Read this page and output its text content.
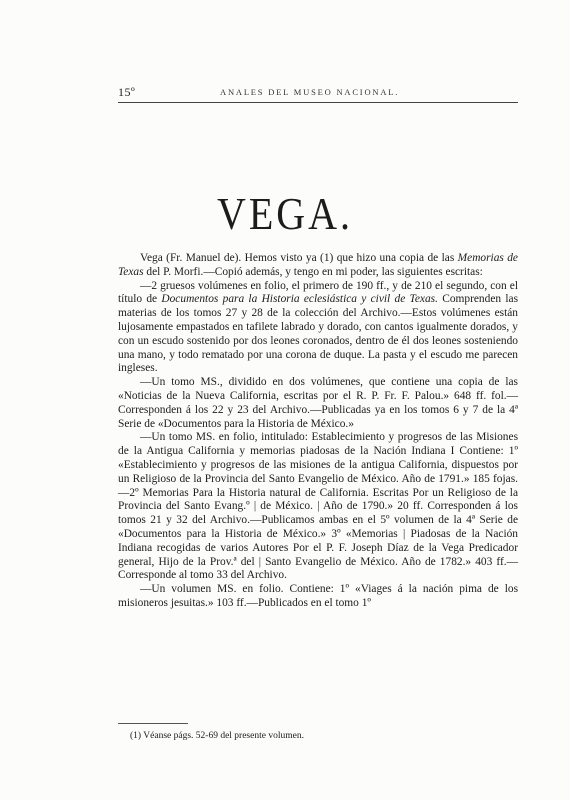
15º	ANALES DEL MUSEO NACIONAL.
VEGA.

Vega (Fr. Manuel de). Hemos visto ya (1) que hizo una copia de las Memorias de Texas del P. Morfi.—Copió además, y tengo en mi poder, las siguientes escritas:

—2 gruesos volúmenes en folio, el primero de 190 ff., y de 210 el segundo, con el título de Documentos para la Historia eclesiástica y civil de Texas. Comprenden las materias de los tomos 27 y 28 de la colección del Archivo.—Estos volúmenes están lujosamente empastados en tafilete labrado y dorado, con cantos igualmente dorados, y con un escudo sostenido por dos leones coronados, dentro de él dos leones sosteniendo una mano, y todo rematado por una corona de duque. La pasta y el escudo me parecen ingleses.

—Un tomo MS., dividido en dos volúmenes, que contiene una copia de las «Noticias de la Nueva California, escritas por el R. P. Fr. F. Palou.» 648 ff. fol.—Corresponden á los 22 y 23 del Archivo.—Publicadas ya en los tomos 6 y 7 de la 4ª Serie de «Documentos para la Historia de México.»

—Un tomo MS. en folio, intitulado: Establecimiento y progresos de las Misiones de la Antigua California y memorias piadosas de la Nación Indiana I Contiene: 1º «Establecimiento y progresos de las misiones de la antigua California, dispuestos por un Religioso de la Provincia del Santo Evangelio de México. Año de 1791.» 185 fojas.—2º Memorias Para la Historia natural de California. Escritas Por un Religioso de la Provincia del Santo Evang.º | de México. | Año de 1790.» 20 ff. Corresponden á los tomos 21 y 32 del Archivo.—Publicamos ambas en el 5º volumen de la 4ª Serie de «Documentos para la Historia de México.» 3º «Memorias | Piadosas de la Nación Indiana recogidas de varios Autores Por el P. F. Joseph Díaz de la Vega Predicador general, Hijo de la Prov.ª del | Santo Evangelio de México. Año de 1782.» 403 ff.—Corresponde al tomo 33 del Archivo.

—Un volumen MS. en folio. Contiene: 1º «Viages á la nación pima de los misioneros jesuitas.» 103 ff.—Publicados en el tomo 1º

(1) Véanse págs. 52-69 del presente volumen.
